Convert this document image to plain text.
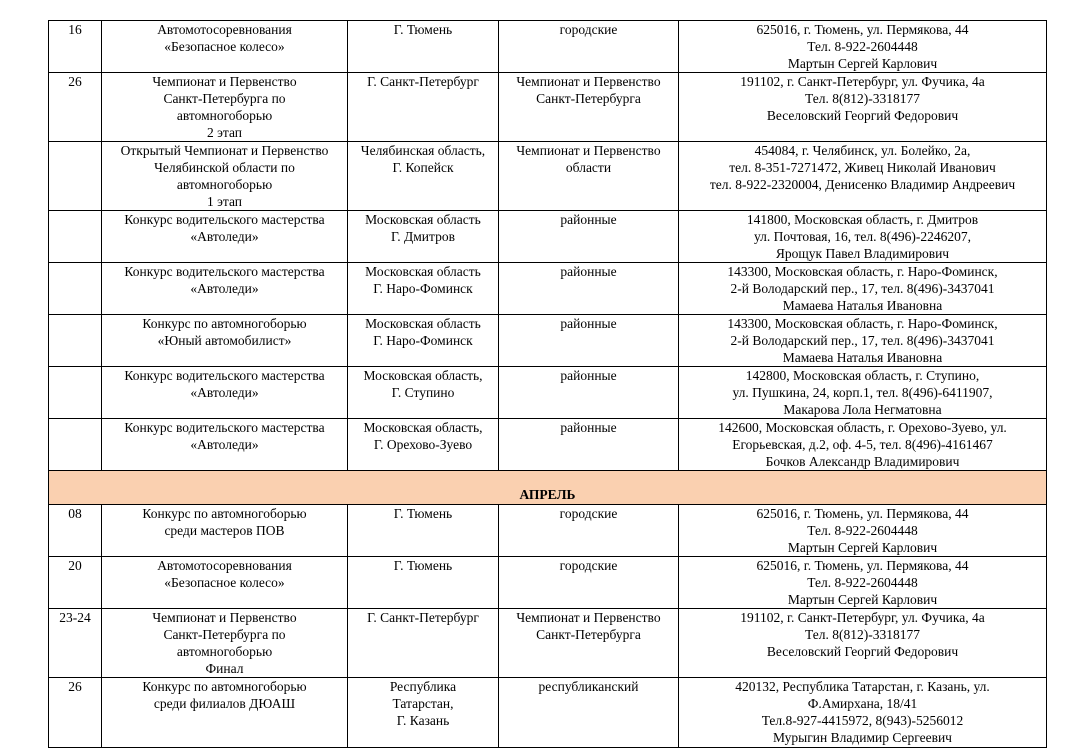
16	Автомотосоревнования
«Безопасное колесо»	Г. Тюмень	городские	625016, г. Тюмень, ул. Пермякова, 44
Тел. 8-922-2604448
Мартын Сергей Карлович

26	Чемпионат и Первенство
Санкт-Петербурга по
автомногоборью
2 этап	Г. Санкт-Петербург	Чемпионат и Первенство
Санкт-Петербурга	191102, г. Санкт-Петербург, ул. Фучика, 4а
Тел. 8(812)-3318177
Веселовский Георгий Федорович

	Открытый Чемпионат и Первенство
Челябинской области по
автомногоборью
1 этап	Челябинская область,
Г. Копейск	Чемпионат и Первенство
области	454084, г. Челябинск, ул. Болейко, 2а,
тел. 8-351-7271472, Живец Николай Иванович
тел. 8-922-2320004, Денисенко Владимир Андреевич

	Конкурс водительского мастерства
«Автоледи»	Московская область
Г. Дмитров	районные	141800, Московская область, г. Дмитров
ул. Почтовая, 16, тел. 8(496)-2246207,
Ярощук Павел Владимирович

	Конкурс водительского мастерства
«Автоледи»	Московская область
Г. Наро-Фоминск	районные	143300, Московская область, г. Наро-Фоминск,
2-й Володарский пер., 17, тел. 8(496)-3437041
Мамаева Наталья Ивановна

	Конкурс по автомногоборью
«Юный автомобилист»	Московская область
Г. Наро-Фоминск	районные	143300, Московская область, г. Наро-Фоминск,
2-й Володарский пер., 17, тел. 8(496)-3437041
Мамаева Наталья Ивановна

	Конкурс водительского мастерства
«Автоледи»	Московская область,
Г. Ступино	районные	142800, Московская область, г. Ступино,
ул. Пушкина, 24, корп.1, тел. 8(496)-6411907,
Макарова Лола Негматовна

	Конкурс водительского мастерства
«Автоледи»	Московская область,
Г. Орехово-Зуево	районные	142600, Московская область, г. Орехово-Зуево, ул.
Егорьевская, д.2, оф. 4-5, тел. 8(496)-4161467
Бочков Александр Владимирович

АПРЕЛЬ				
08	Конкурс по автомногоборью
среди мастеров ПОВ	Г. Тюмень	городские	625016, г. Тюмень, ул. Пермякова, 44
Тел. 8-922-2604448
Мартын Сергей Карлович

20	Автомотосоревнования
«Безопасное колесо»	Г. Тюмень	городские	625016, г. Тюмень, ул. Пермякова, 44
Тел. 8-922-2604448
Мартын Сергей Карлович

23-24	Чемпионат и Первенство
Санкт-Петербурга по
автомногоборью
Финал	Г. Санкт-Петербург	Чемпионат и Первенство
Санкт-Петербурга	191102, г. Санкт-Петербург, ул. Фучика, 4а
Тел. 8(812)-3318177
Веселовский Георгий Федорович

26	Конкурс по автомногоборью
среди филиалов ДЮАШ	Республика
Татарстан,
Г. Казань	республиканский	420132, Республика Татарстан, г. Казань, ул.
Ф.Амирхана, 18/41
Тел.8-927-4415972, 8(943)-5256012
Мурыгин Владимир Сергеевич
